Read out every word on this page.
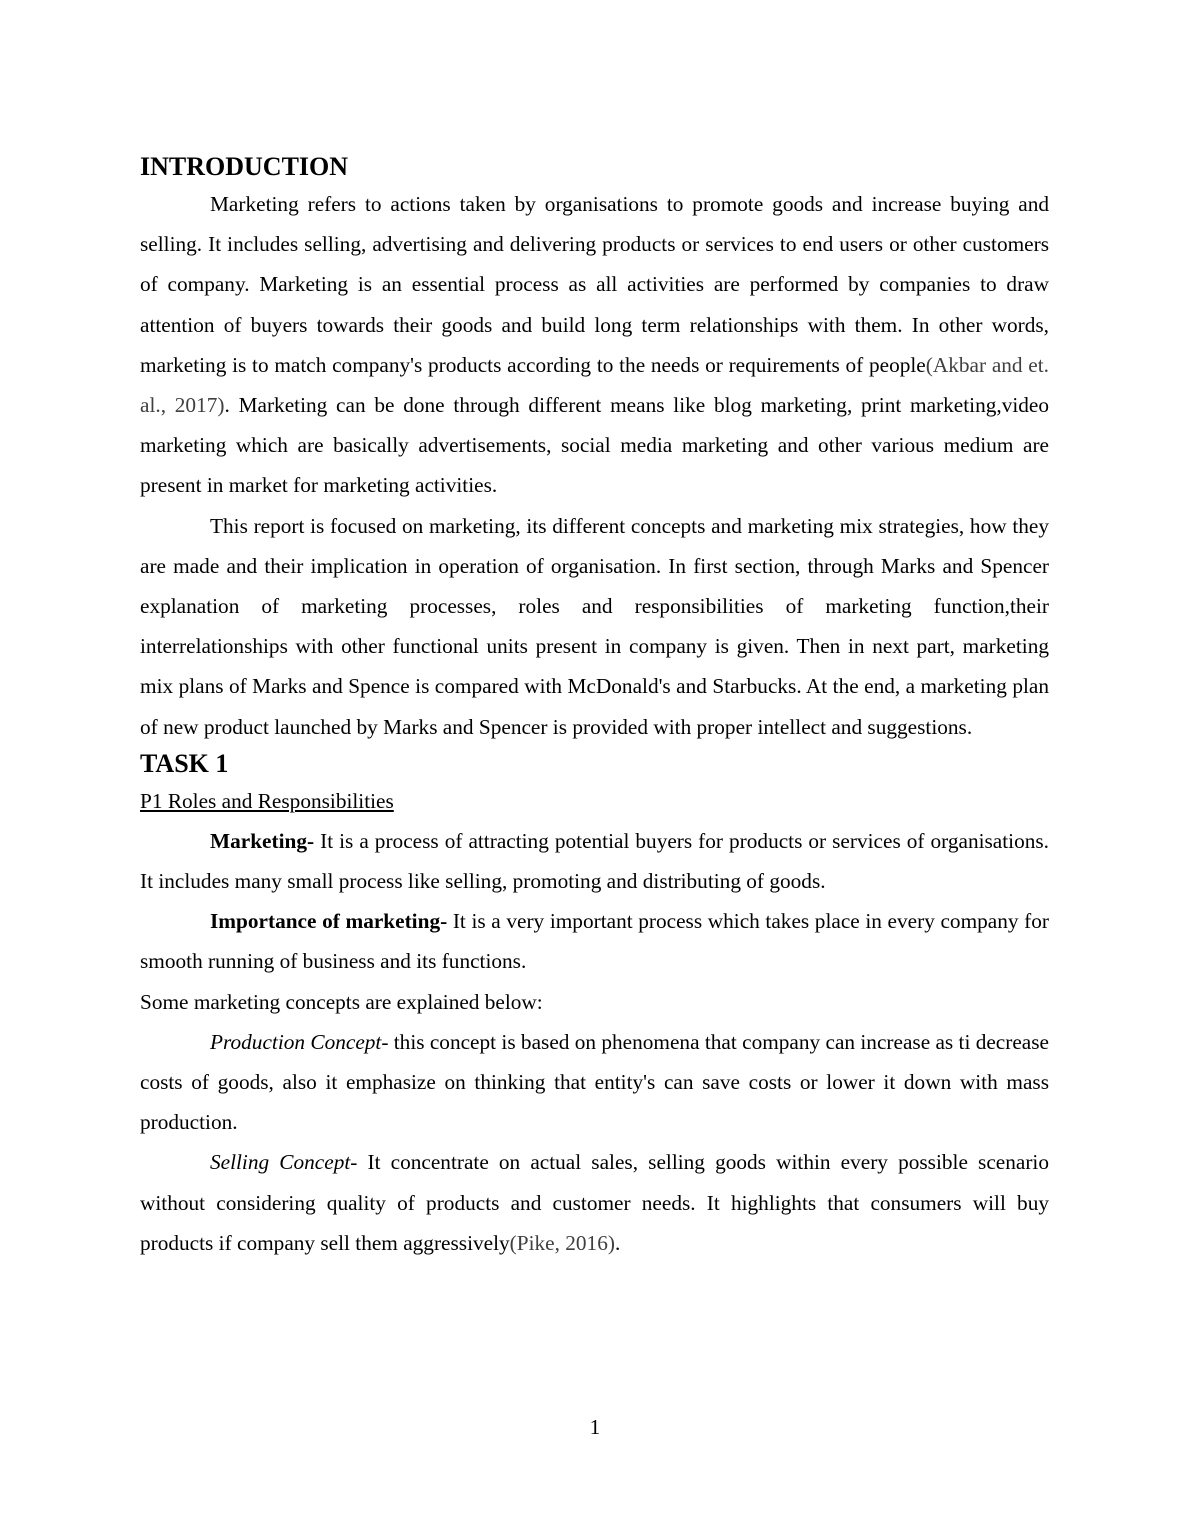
INTRODUCTION

Marketing refers to actions taken by organisations to promote goods and increase buying and selling. It includes selling, advertising and delivering products or services to end users or other customers of company. Marketing is an essential process as all activities are performed by companies to draw attention of buyers towards their goods and build long term relationships with them. In other words, marketing is to match company's products according to the needs or requirements of people(Akbar and et. al., 2017). Marketing can be done through different means like blog marketing, print marketing,video marketing which are basically advertisements, social media marketing and other various medium are present in market for marketing activities.

This report is focused on marketing, its different concepts and marketing mix strategies, how they are made and their implication in operation of organisation. In first section, through Marks and Spencer explanation of marketing processes, roles and responsibilities of marketing function,their interrelationships with other functional units present in company is given. Then in next part, marketing mix plans of Marks and Spence is compared with McDonald's and Starbucks. At the end, a marketing plan of new product launched by Marks and Spencer is provided with proper intellect and suggestions.

TASK 1
P1 Roles and Responsibilities

Marketing- It is a process of attracting potential buyers for products or services of organisations. It includes many small process like selling, promoting and distributing of goods.

Importance of marketing- It is a very important process which takes place in every company for smooth running of business and its functions.

Some marketing concepts are explained below:

Production Concept- this concept is based on phenomena that company can increase as ti decrease costs of goods, also it emphasize on thinking that entity's can save costs or lower it down with mass production.

Selling Concept- It concentrate on actual sales, selling goods within every possible scenario without considering quality of products and customer needs. It highlights that consumers will buy products if company sell them aggressively(Pike, 2016).

1
